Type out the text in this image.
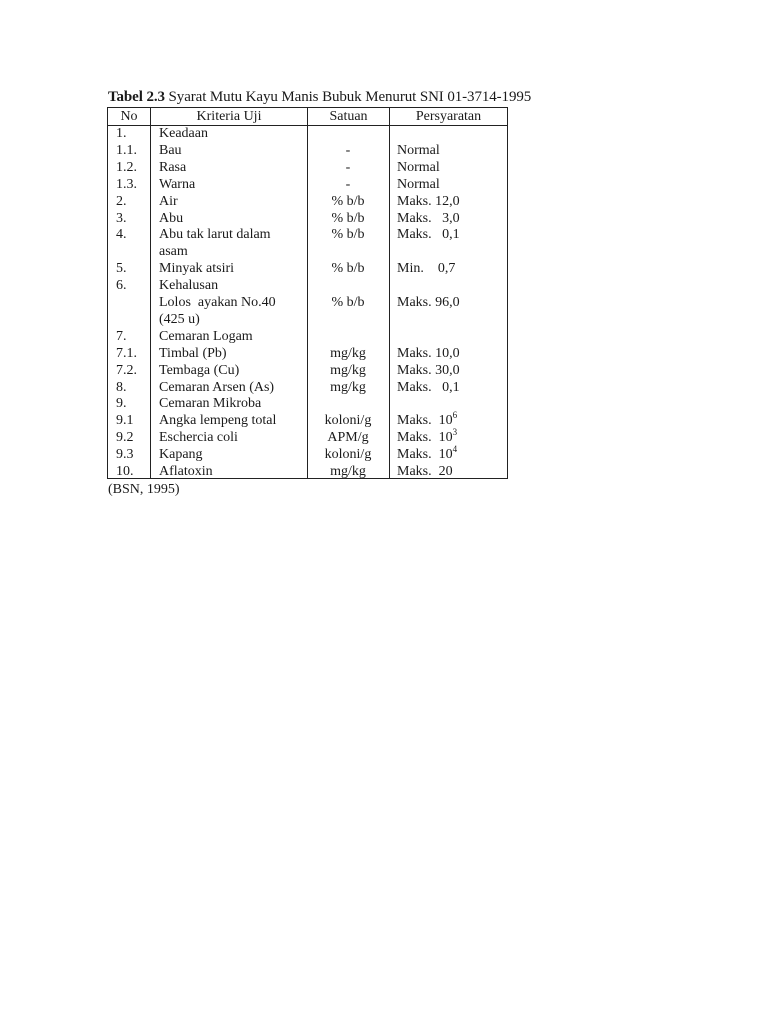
Tabel 2.3 Syarat Mutu Kayu Manis Bubuk Menurut SNI 01-3714-1995
No	Kriteria Uji	Satuan	Persyaratan
1. Keadaan
1.1. Bau	-	Normal
1.2. Rasa	-	Normal
1.3. Warna	-	Normal
2. Air	% b/b	Maks. 12,0
3. Abu	% b/b	Maks.   3,0
4. Abu tak larut dalam	% b/b	Maks.   0,1
asam
5. Minyak atsiri	% b/b	Min.    0,7
6. Kehalusan
Lolos  ayakan No.40	% b/b	Maks. 96,0
(425 u)
7. Cemaran Logam
7.1. Timbal (Pb)	mg/kg	Maks. 10,0
7.2. Tembaga (Cu)	mg/kg	Maks. 30,0
8. Cemaran Arsen (As)	mg/kg	Maks.   0,1
9. Cemaran Mikroba
9.1 Angka lempeng total	koloni/g	Maks.  $10^6$
9.2 Eschercia coli	APM/g	Maks.  $10^3$
9.3 Kapang	koloni/g	Maks.  $10^4$
10. Aflatoxin	mg/kg	Maks.  20
(BSN, 1995)
